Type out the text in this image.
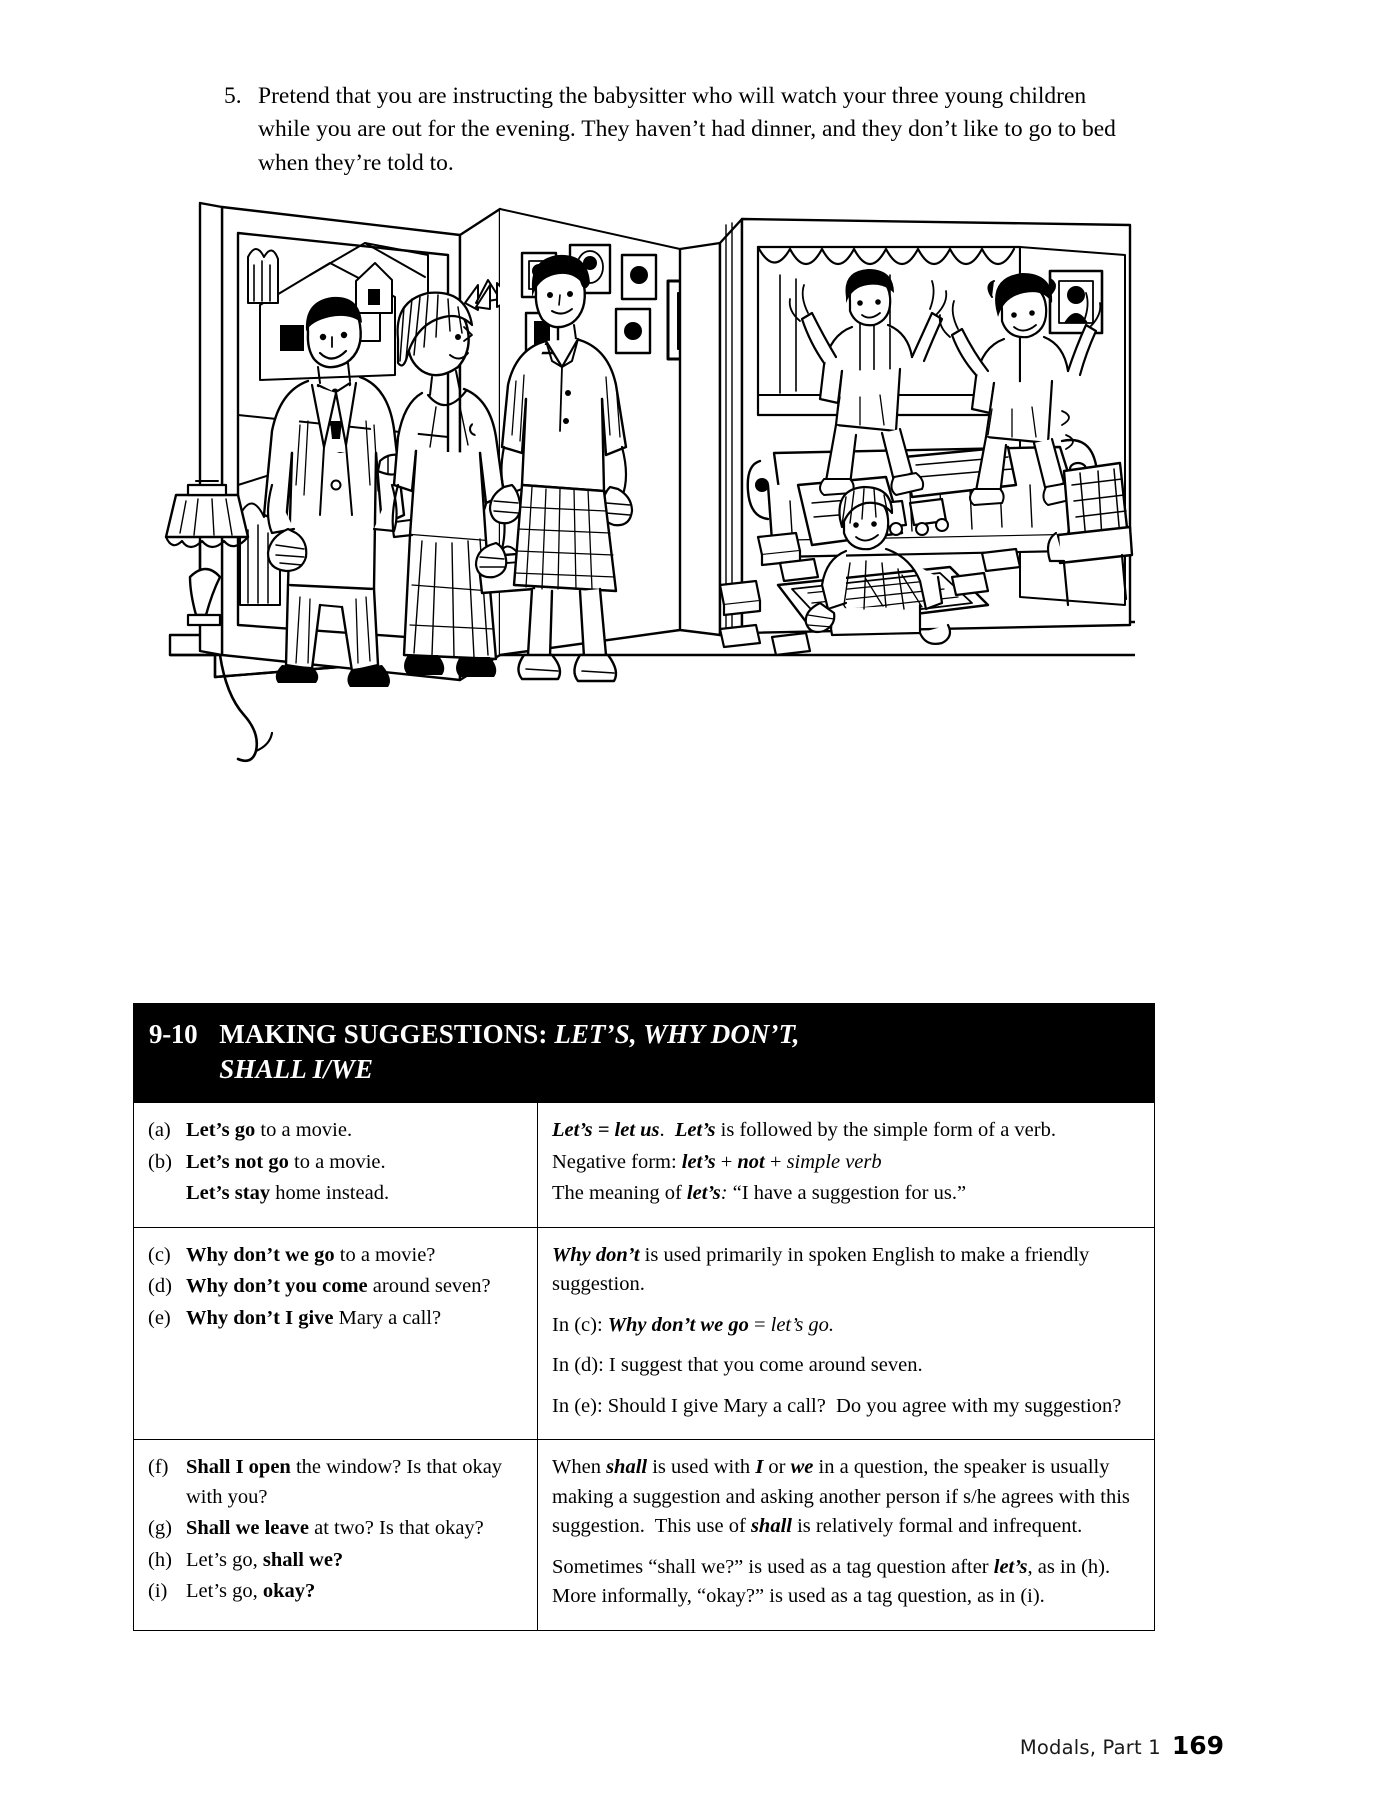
5. Pretend that you are instructing the babysitter who will watch your three young children while you are out for the evening. They haven’t had dinner, and they don’t like to go to bed when they’re told to.
9-10 MAKING SUGGESTIONS: LET’S, WHY DON’T,
SHALL I/WE
(a) Let’s go to a movie.
(b) Let’s not go to a movie.
Let’s stay home instead.

Let’s = let us.  Let’s is followed by the simple form of a verb.
Negative form: let’s + not + simple verb
The meaning of let’s: “I have a suggestion for us.”

(c) Why don’t we go to a movie?
(d) Why don’t you come around seven?
(e) Why don’t I give Mary a call?

Why don’t is used primarily in spoken English to make a friendly suggestion.
In (c): Why don’t we go = let’s go.
In (d): I suggest that you come around seven.
In (e): Should I give Mary a call?  Do you agree with my suggestion?

(f) Shall I open the window? Is that okay with you?
(g) Shall we leave at two? Is that okay?
(h) Let’s go, shall we?
(i) Let’s go, okay?

When shall is used with I or we in a question, the speaker is usually making a suggestion and asking another person if s/he agrees with this suggestion.  This use of shall is relatively formal and infrequent.
Sometimes “shall we?” is used as a tag question after let’s, as in (h). More informally, “okay?” is used as a tag question, as in (i).
Modals, Part 1 169
